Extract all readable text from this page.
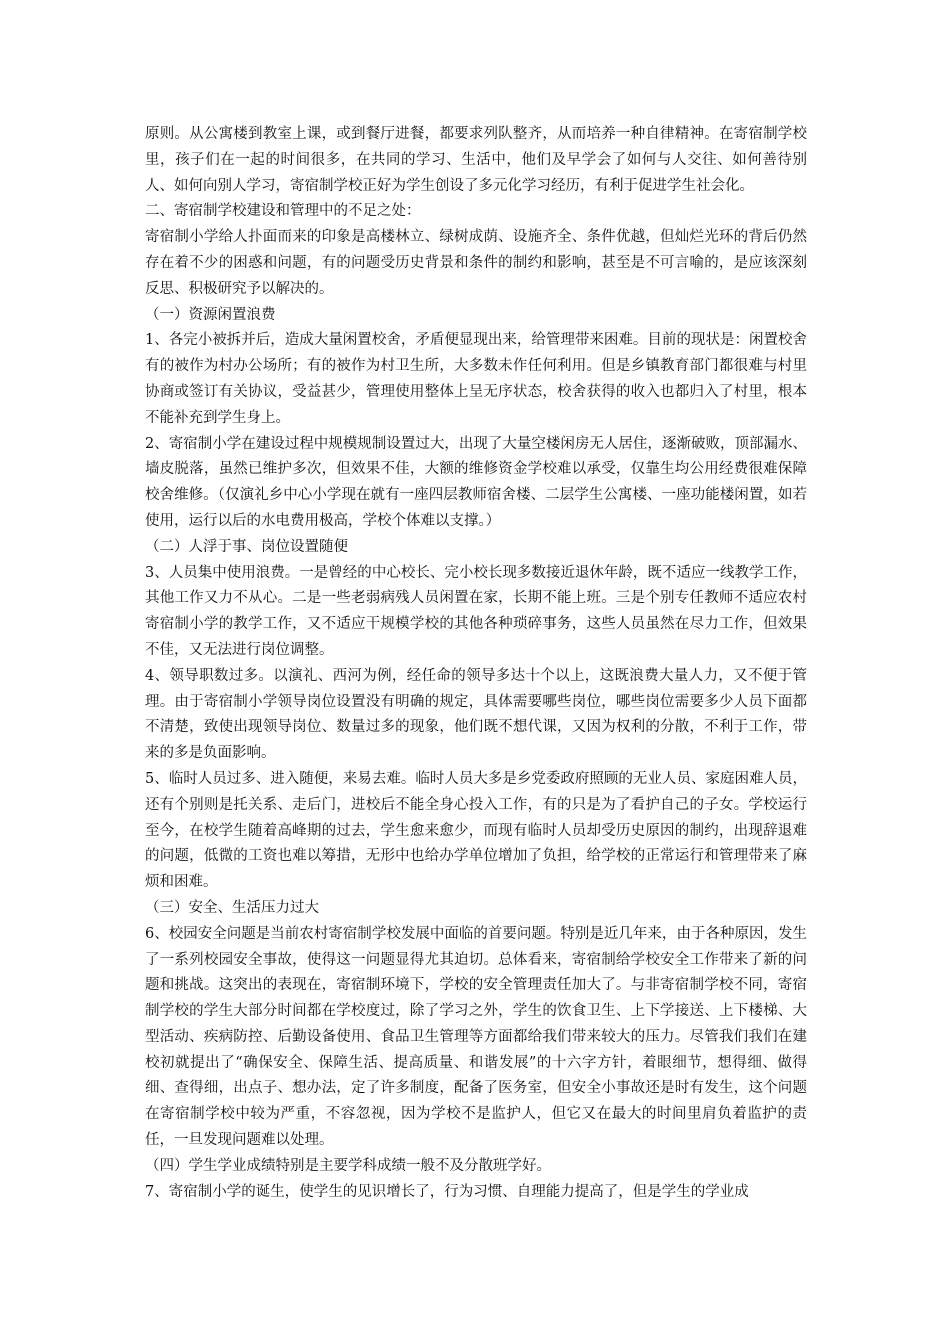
原则。从公寓楼到教室上课，或到餐厅进餐，都要求列队整齐，从而培养一种自律精神。在寄宿制学校里，孩子们在一起的时间很多，在共同的学习、生活中，他们及早学会了如何与人交往、如何善待别人、如何向别人学习，寄宿制学校正好为学生创设了多元化学习经历，有利于促进学生社会化。

二、寄宿制学校建设和管理中的不足之处：

寄宿制小学给人扑面而来的印象是高楼林立、绿树成荫、设施齐全、条件优越，但灿烂光环的背后仍然存在着不少的困惑和问题，有的问题受历史背景和条件的制约和影响，甚至是不可言喻的，是应该深刻反思、积极研究予以解决的。

（一）资源闲置浪费

1、各完小被拆并后，造成大量闲置校舍，矛盾便显现出来，给管理带来困难。目前的现状是：闲置校舍有的被作为村办公场所；有的被作为村卫生所，大多数未作任何利用。但是乡镇教育部门都很难与村里协商或签订有关协议，受益甚少，管理使用整体上呈无序状态，校舍获得的收入也都归入了村里，根本不能补充到学生身上。

2、寄宿制小学在建设过程中规模规制设置过大，出现了大量空楼闲房无人居住，逐渐破败，顶部漏水、墙皮脱落，虽然已维护多次，但效果不佳，大额的维修资金学校难以承受，仅靠生均公用经费很难保障校舍维修。（仅演礼乡中心小学现在就有一座四层教师宿舍楼、二层学生公寓楼、一座功能楼闲置，如若使用，运行以后的水电费用极高，学校个体难以支撑。）

（二）人浮于事、岗位设置随便

3、人员集中使用浪费。一是曾经的中心校长、完小校长现多数接近退休年龄，既不适应一线教学工作，其他工作又力不从心。二是一些老弱病残人员闲置在家，长期不能上班。三是个别专任教师不适应农村寄宿制小学的教学工作，又不适应干规模学校的其他各种琐碎事务，这些人员虽然在尽力工作，但效果不佳，又无法进行岗位调整。

4、领导职数过多。以演礼、西河为例，经任命的领导多达十个以上，这既浪费大量人力，又不便于管理。由于寄宿制小学领导岗位设置没有明确的规定，具体需要哪些岗位，哪些岗位需要多少人员下面都不清楚，致使出现领导岗位、数量过多的现象，他们既不想代课，又因为权利的分散，不利于工作，带来的多是负面影响。

5、临时人员过多、进入随便，来易去难。临时人员大多是乡党委政府照顾的无业人员、家庭困难人员，还有个别则是托关系、走后门，进校后不能全身心投入工作，有的只是为了看护自己的子女。学校运行至今，在校学生随着高峰期的过去，学生愈来愈少，而现有临时人员却受历史原因的制约，出现辞退难的问题，低微的工资也难以筹措，无形中也给办学单位增加了负担，给学校的正常运行和管理带来了麻烦和困难。

（三）安全、生活压力过大

6、校园安全问题是当前农村寄宿制学校发展中面临的首要问题。特别是近几年来，由于各种原因，发生了一系列校园安全事故，使得这一问题显得尤其迫切。总体看来，寄宿制给学校安全工作带来了新的问题和挑战。这突出的表现在，寄宿制环境下，学校的安全管理责任加大了。与非寄宿制学校不同，寄宿制学校的学生大部分时间都在学校度过，除了学习之外，学生的饮食卫生、上下学接送、上下楼梯、大型活动、疾病防控、后勤设备使用、食品卫生管理等方面都给我们带来较大的压力。尽管我们我们在建校初就提出了“确保安全、保障生活、提高质量、和谐发展”的十六字方针，着眼细节，想得细、做得细、查得细，出点子、想办法，定了许多制度，配备了医务室，但安全小事故还是时有发生，这个问题在寄宿制学校中较为严重，不容忽视，因为学校不是监护人，但它又在最大的时间里肩负着监护的责任，一旦发现问题难以处理。

（四）学生学业成绩特别是主要学科成绩一般不及分散班学好。

7、寄宿制小学的诞生，使学生的见识增长了，行为习惯、自理能力提高了，但是学生的学业成
